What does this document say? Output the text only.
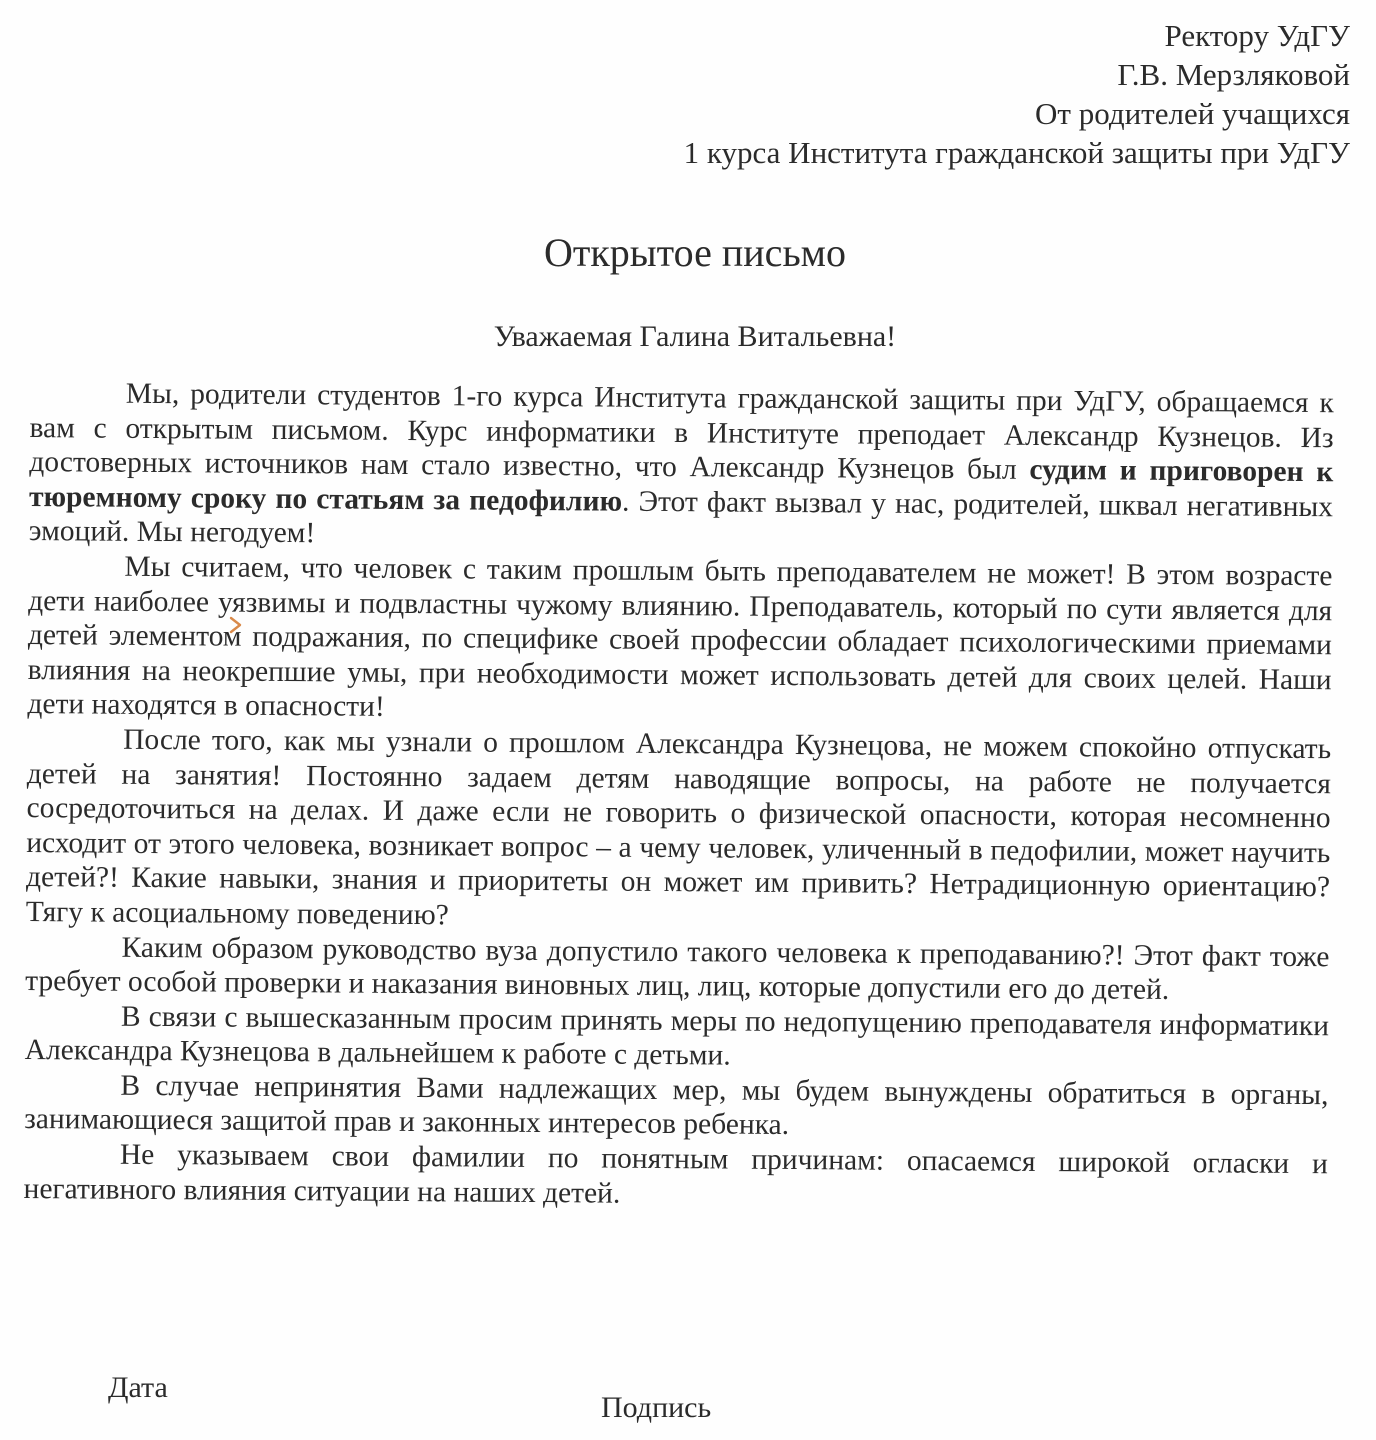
Ректору УдГУ
Г.В. Мерзляковой
От родителей учащихся
1 курса Института гражданской защиты при УдГУ
Открытое письмо
Уважаемая Галина Витальевна!

Мы, родители студентов 1-го курса Института гражданской защиты при УдГУ, обращаемся к вам с открытым письмом. Курс информатики в Институте преподает Александр Кузнецов. Из достоверных источников нам стало известно, что Александр Кузнецов был судим и приговорен к тюремному сроку по статьям за педофилию. Этот факт вызвал у нас, родителей, шквал негативных эмоций. Мы негодуем!

Мы считаем, что человек с таким прошлым быть преподавателем не может! В этом возрасте дети наиболее уязвимы и подвластны чужому влиянию. Преподаватель, который по сути является для детей элементом подражания, по специфике своей профессии обладает психологическими приемами влияния на неокрепшие умы, при необходимости может использовать детей для своих целей. Наши дети находятся в опасности!

После того, как мы узнали о прошлом Александра Кузнецова, не можем спокойно отпускать детей на занятия! Постоянно задаем детям наводящие вопросы, на работе не получается сосредоточиться на делах. И даже если не говорить о физической опасности, которая несомненно исходит от этого человека, возникает вопрос – а чему человек, уличенный в педофилии, может научить детей?! Какие навыки, знания и приоритеты он может им привить? Нетрадиционную ориентацию? Тягу к асоциальному поведению?

Каким образом руководство вуза допустило такого человека к преподаванию?! Этот факт тоже требует особой проверки и наказания виновных лиц, лиц, которые допустили его до детей.

В связи с вышесказанным просим принять меры по недопущению преподавателя информатики Александра Кузнецова в дальнейшем к работе с детьми.

В случае непринятия Вами надлежащих мер, мы будем вынуждены обратиться в органы, занимающиеся защитой прав и законных интересов ребенка.

Не указываем свои фамилии по понятным причинам: опасаемся широкой огласки и негативного влияния ситуации на наших детей.

Дата
Подпись
